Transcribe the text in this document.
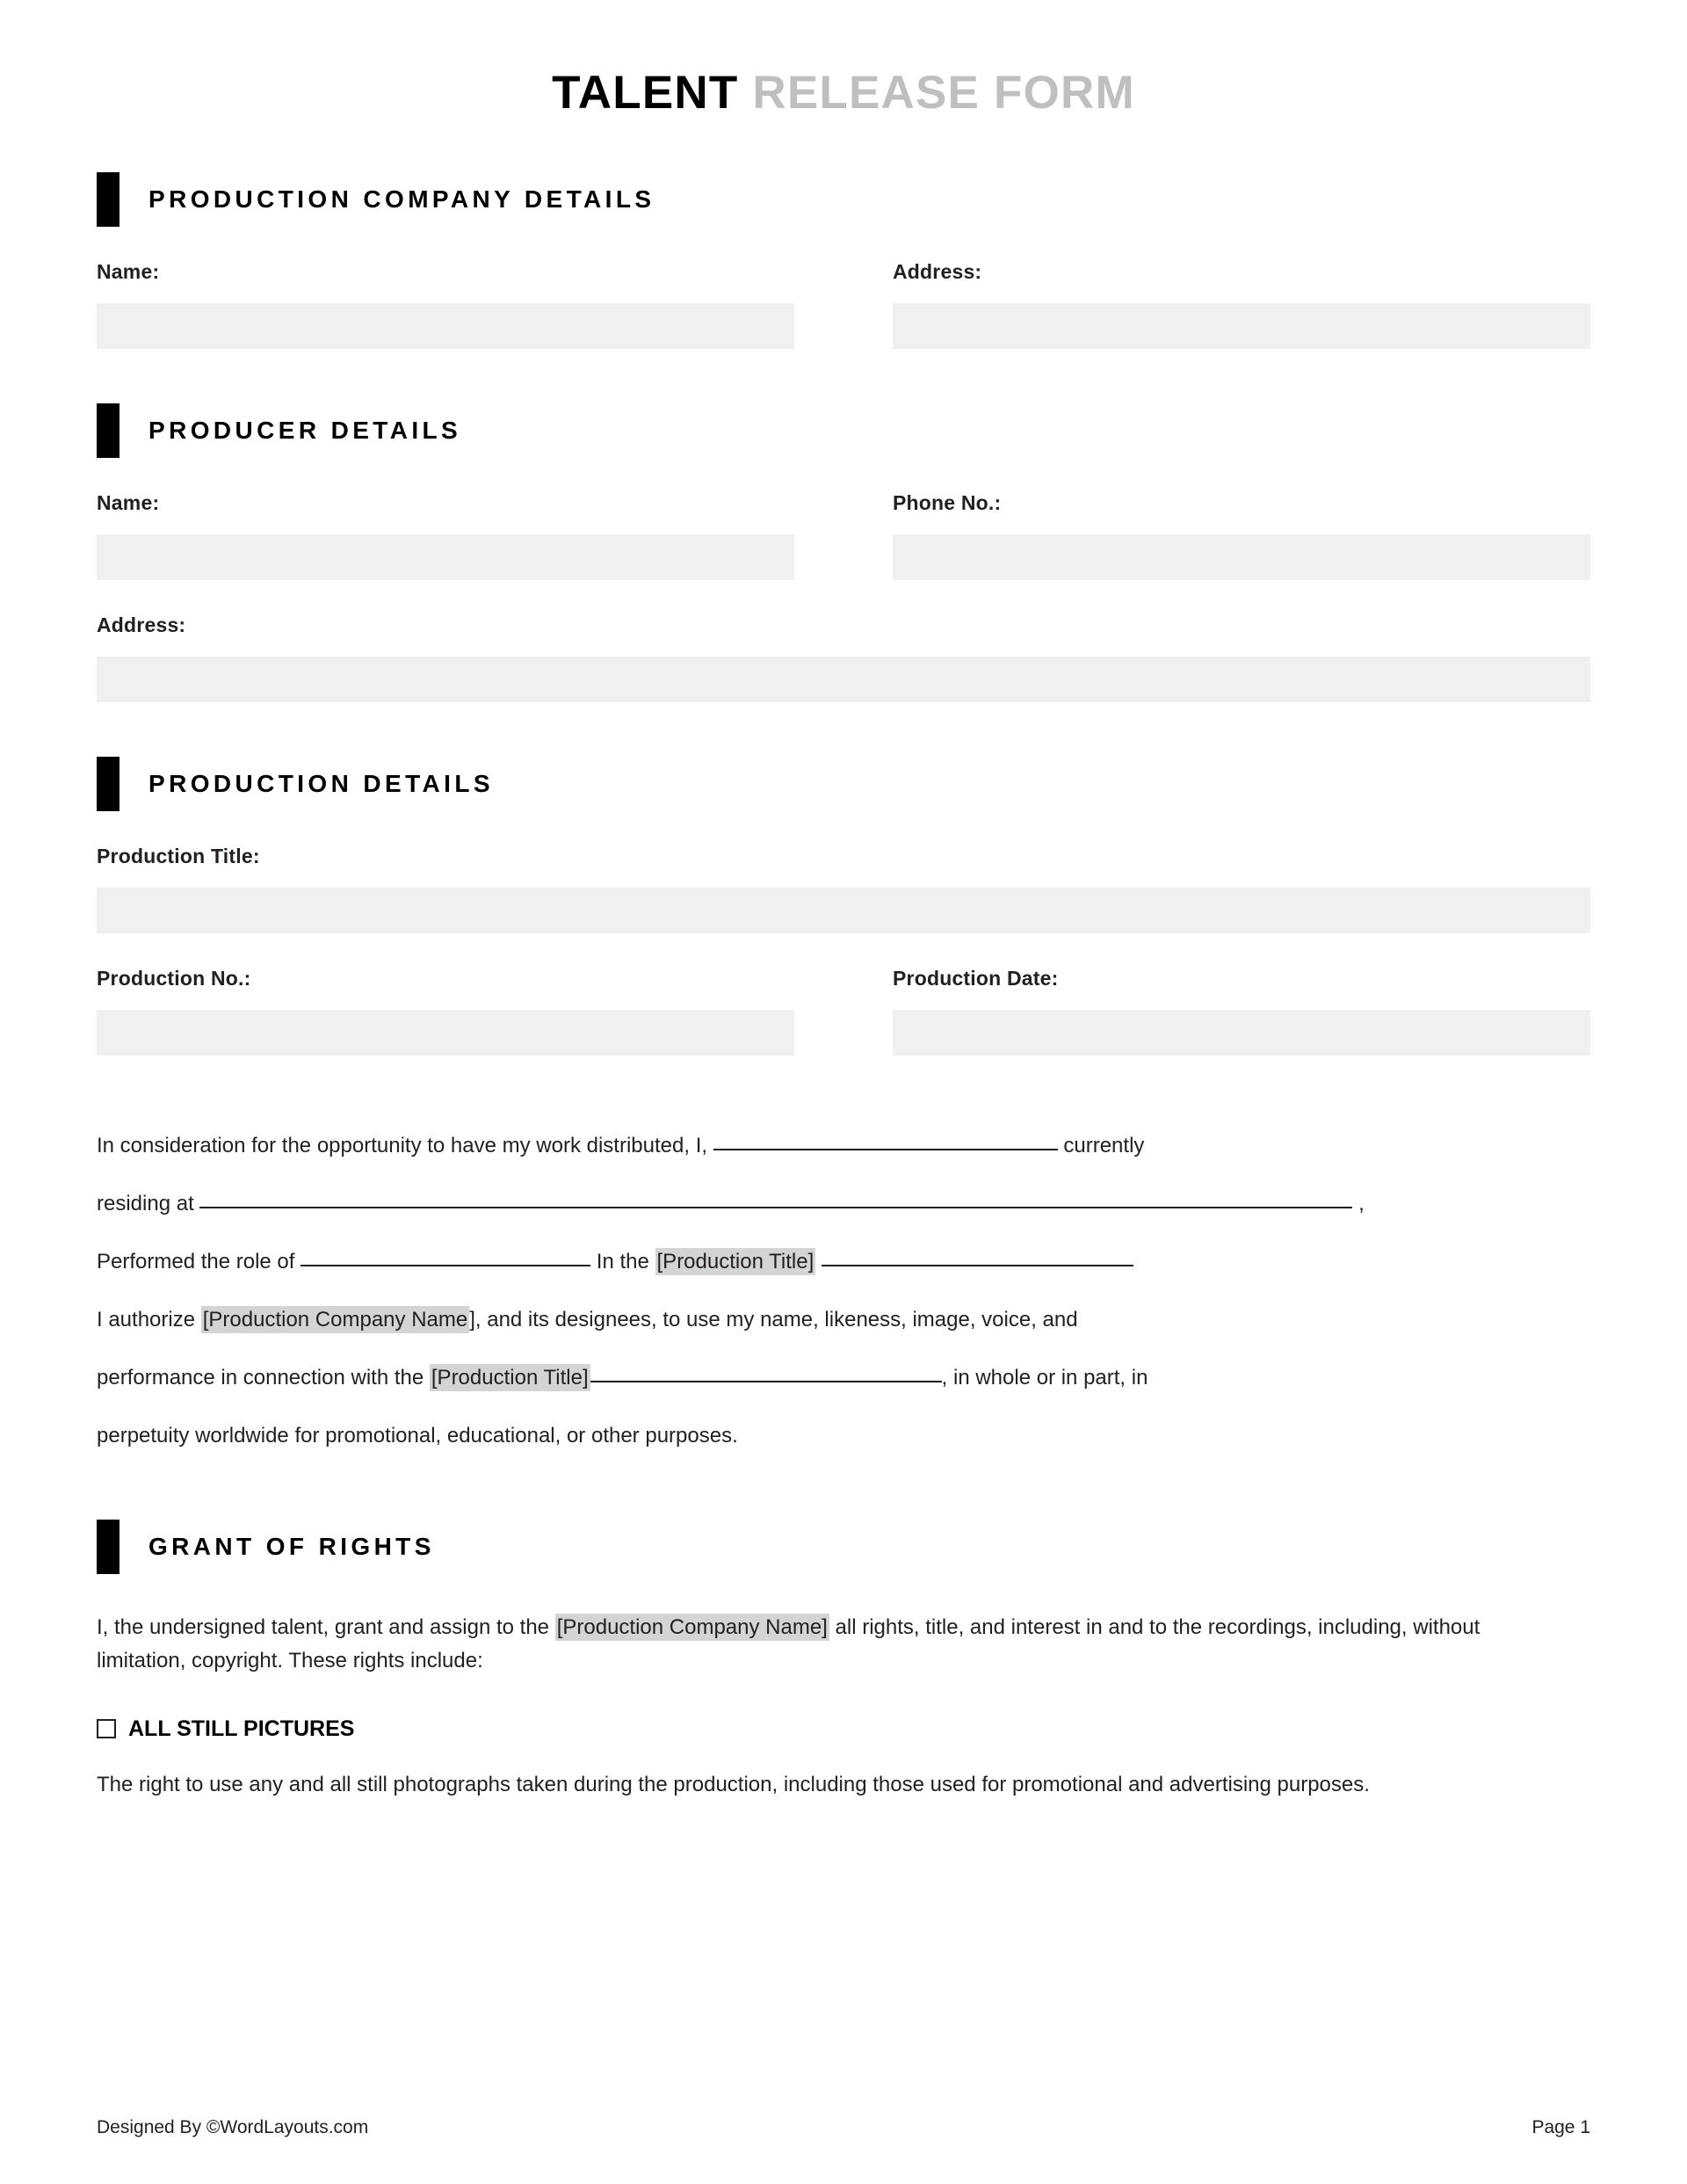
TALENT RELEASE FORM
PRODUCTION COMPANY DETAILS
Name:	Address:
PRODUCER DETAILS
Name:	Phone No.:
Address:
PRODUCTION DETAILS
Production Title:
Production No.:	Production Date:
In consideration for the opportunity to have my work distributed, I,	currently
residing at	,
Performed the role of	In the [Production Title]
I authorize [Production Company Name], and its designees, to use my name, likeness, image, voice, and
performance in connection with the [Production Title]	, in whole or in part, in
perpetuity worldwide for promotional, educational, or other purposes.
GRANT OF RIGHTS
I, the undersigned talent, grant and assign to the [Production Company Name] all rights, title, and interest in and to the recordings, including, without limitation, copyright. These rights include:
ALL STILL PICTURES
The right to use any and all still photographs taken during the production, including those used for promotional and advertising purposes.
Designed By ©WordLayouts.com	Page 1
